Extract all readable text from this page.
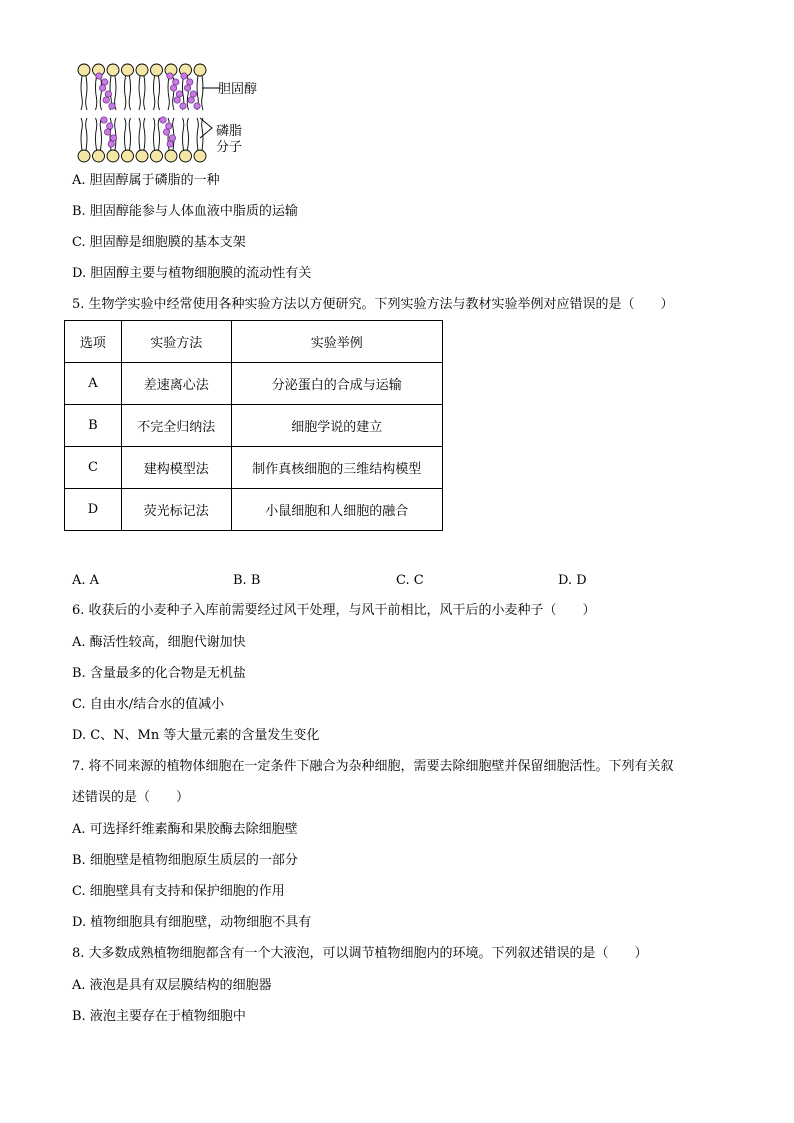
胆固醇
磷脂
分子
A. 胆固醇属于磷脂的一种
B. 胆固醇能参与人体血液中脂质的运输
C. 胆固醇是细胞膜的基本支架
D. 胆固醇主要与植物细胞膜的流动性有关
5. 生物学实验中经常使用各种实验方法以方便研究。下列实验方法与教材实验举例对应错误的是（　　）
选项	实验方法	实验举例
A	差速离心法	分泌蛋白的合成与运输
B	不完全归纳法	细胞学说的建立
C	建构模型法	制作真核细胞的三维结构模型
D	荧光标记法	小鼠细胞和人细胞的融合
A. A	B. B	C. C	D. D
6. 收获后的小麦种子入库前需要经过风干处理，与风干前相比，风干后的小麦种子（　　）
A. 酶活性较高，细胞代谢加快
B. 含量最多的化合物是无机盐
C. 自由水/结合水的值减小
D. C、N、Mn 等大量元素的含量发生变化
7. 将不同来源的植物体细胞在一定条件下融合为杂种细胞，需要去除细胞壁并保留细胞活性。下列有关叙
述错误的是（　　）
A. 可选择纤维素酶和果胶酶去除细胞壁
B. 细胞壁是植物细胞原生质层的一部分
C. 细胞壁具有支持和保护细胞的作用
D. 植物细胞具有细胞壁，动物细胞不具有
8. 大多数成熟植物细胞都含有一个大液泡，可以调节植物细胞内的环境。下列叙述错误的是（　　）
A. 液泡是具有双层膜结构的细胞器
B. 液泡主要存在于植物细胞中
